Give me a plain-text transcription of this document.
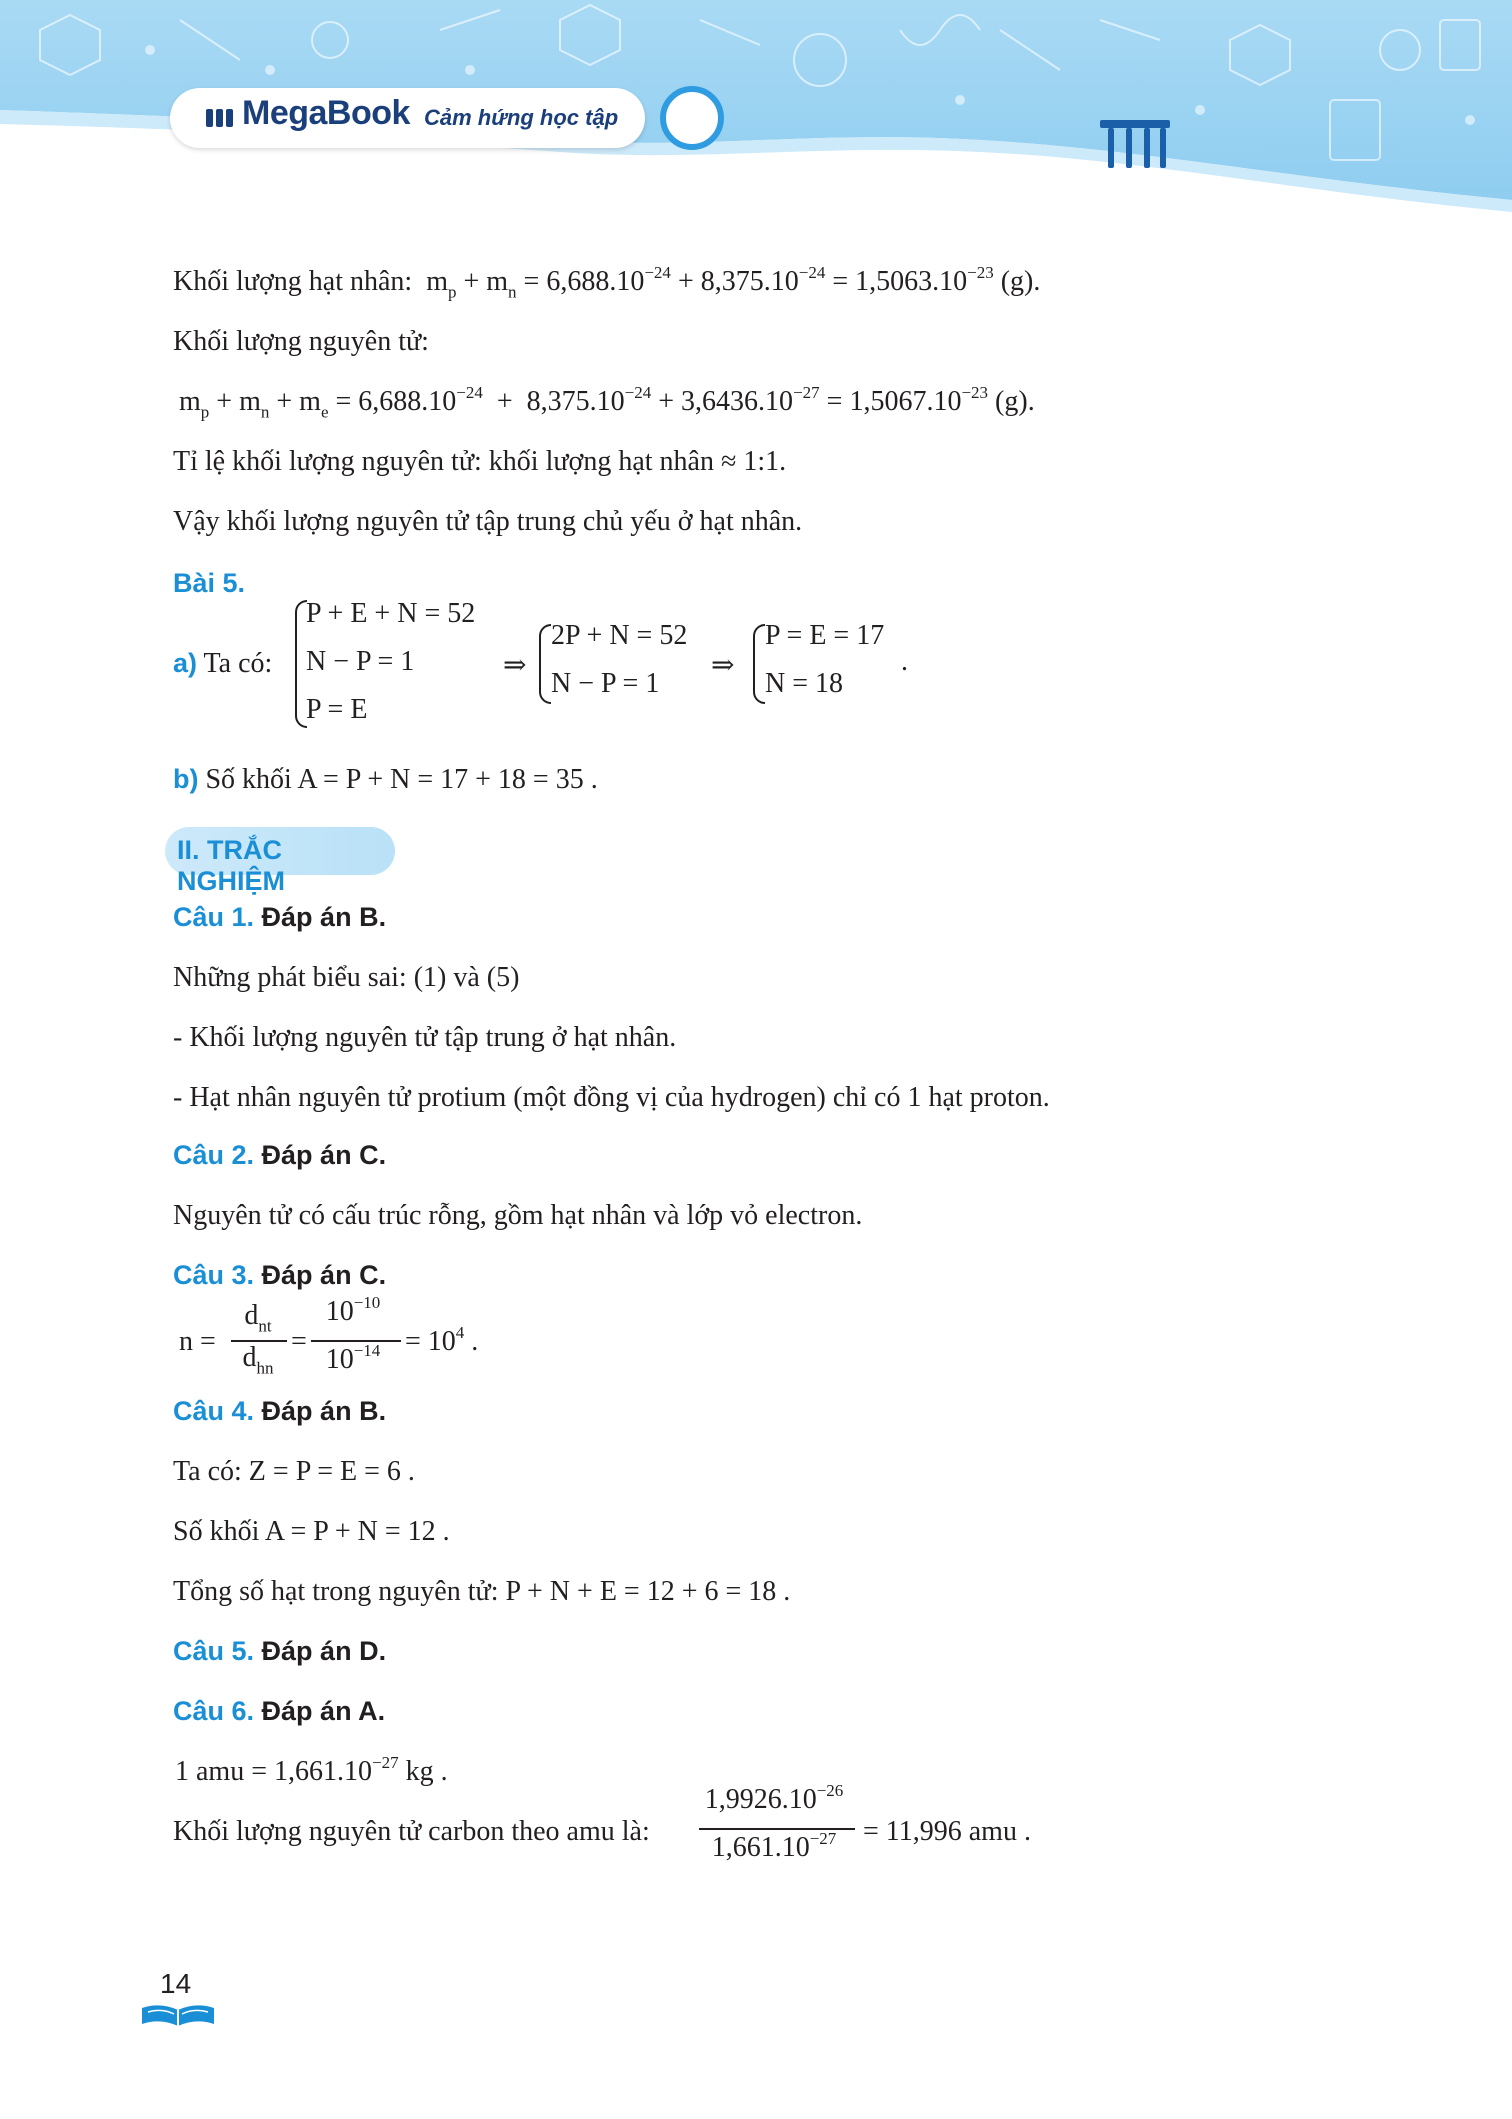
MegaBook Cảm hứng học tập
Khối lượng hạt nhân:  $m_p + m_n = 6,688.10^{-24} + 8,375.10^{-24} = 1,5063.10^{-23}$ (g).
Khối lượng nguyên tử:
$m_p + m_n + m_e = 6,688.10^{-24} + 8,375.10^{-24} + 3,6436.10^{-27} = 1,5067.10^{-23}$ (g).
Tỉ lệ khối lượng nguyên tử: khối lượng hạt nhân ≈ 1:1.
Vậy khối lượng nguyên tử tập trung chủ yếu ở hạt nhân.
Bài 5.
a) Ta có:
P + E + N = 52
N − P = 1
P = E
⇒
2P + N = 52
N − P = 1
⇒
P = E = 17
N = 18
.
b) Số khối A = P + N = 17 + 18 = 35 .
II. TRẮC NGHIỆM
Câu 1. Đáp án B.
Những phát biểu sai: (1) và (5)
- Khối lượng nguyên tử tập trung ở hạt nhân.
- Hạt nhân nguyên tử protium (một đồng vị của hydrogen) chỉ có 1 hạt proton.
Câu 2. Đáp án C.
Nguyên tử có cấu trúc rỗng, gồm hạt nhân và lớp vỏ electron.
Câu 3. Đáp án C.
n =
$d_{nt}$
$d_{hn}$
=
$10^{-10}$
$10^{-14} = 10^4$ .
Câu 4. Đáp án B.
Ta có: Z = P = E = 6 .
Số khối A = P + N = 12 .
Tổng số hạt trong nguyên tử: P + N + E = 12 + 6 = 18 .
Câu 5. Đáp án D.
Câu 6. Đáp án A.
1 amu = $1,661.10^{-27}$ kg .
Khối lượng nguyên tử carbon theo amu là:
$1,9926.10^{-26}$
$1,661.10^{-27} = 11,996$ amu .
14
